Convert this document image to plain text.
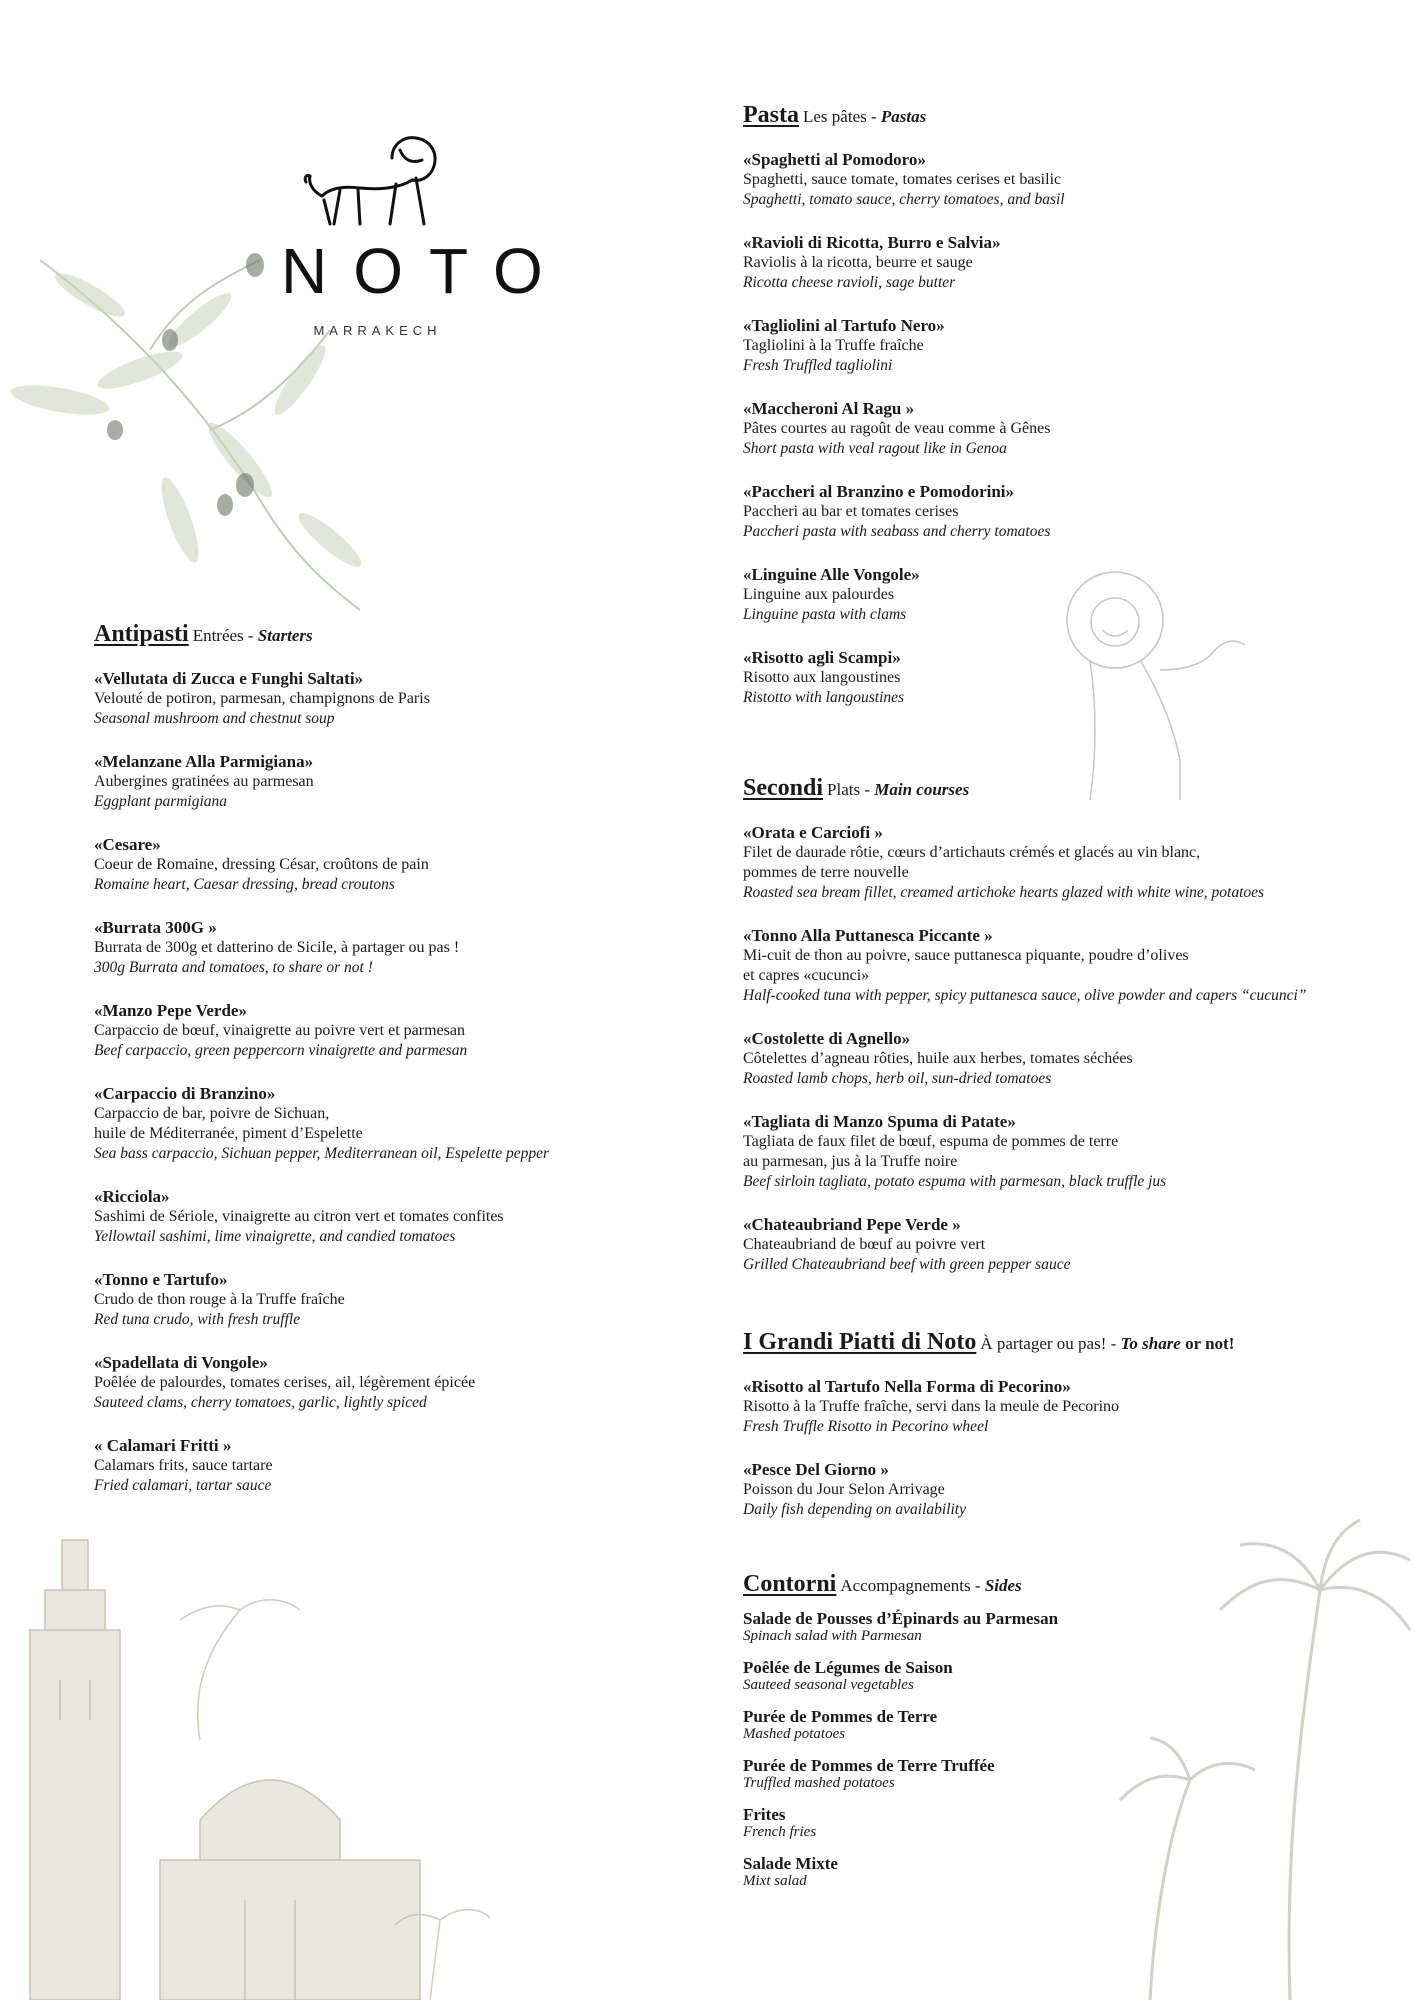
NOTO
MARRAKECH
Antipasti Entrées - Starters
«Vellutata di Zucca e Funghi Saltati»
Velouté de potiron, parmesan, champignons de Paris
Seasonal mushroom and chestnut soup
«Melanzane Alla Parmigiana»
Aubergines gratinées au parmesan
Eggplant parmigiana
«Cesare»
Coeur de Romaine, dressing César, croûtons de pain
Romaine heart, Caesar dressing, bread croutons
«Burrata 300G »
Burrata de 300g et datterino de Sicile, à partager ou pas !
300g Burrata and tomatoes, to share or not !
«Manzo Pepe Verde»
Carpaccio de bœuf, vinaigrette au poivre vert et parmesan
Beef carpaccio, green peppercorn vinaigrette and parmesan
«Carpaccio di Branzino»
Carpaccio de bar, poivre de Sichuan,
huile de Méditerranée, piment d’Espelette
Sea bass carpaccio, Sichuan pepper, Mediterranean oil, Espelette pepper
«Ricciola»
Sashimi de Sériole, vinaigrette au citron vert et tomates confites
Yellowtail sashimi, lime vinaigrette, and candied tomatoes
«Tonno e Tartufo»
Crudo de thon rouge à la Truffe fraîche
Red tuna crudo, with fresh truffle
«Spadellata di Vongole»
Poêlée de palourdes, tomates cerises, ail, légèrement épicée
Sauteed clams, cherry tomatoes, garlic, lightly spiced
« Calamari Fritti »
Calamars frits, sauce tartare
Fried calamari, tartar sauce
Pasta Les pâtes - Pastas
«Spaghetti al Pomodoro»
Spaghetti, sauce tomate, tomates cerises et basilic
Spaghetti, tomato sauce, cherry tomatoes, and basil
«Ravioli di Ricotta, Burro e Salvia»
Raviolis à la ricotta, beurre et sauge
Ricotta cheese ravioli, sage butter
«Tagliolini al Tartufo Nero»
Tagliolini à la Truffe fraîche
Fresh Truffled tagliolini
«Maccheroni Al Ragu »
Pâtes courtes au ragoût de veau comme à Gênes
Short pasta with veal ragout like in Genoa
«Paccheri al Branzino e Pomodorini»
Paccheri au bar et tomates cerises
Paccheri pasta with seabass and cherry tomatoes
«Linguine Alle Vongole»
Linguine aux palourdes
Linguine pasta with clams
«Risotto agli Scampi»
Risotto aux langoustines
Ristotto with langoustines
Secondi Plats - Main courses
«Orata e Carciofi »
Filet de daurade rôtie, cœurs d’artichauts crémés et glacés au vin blanc,
pommes de terre nouvelle
Roasted sea bream fillet, creamed artichoke hearts glazed with white wine, potatoes
«Tonno Alla Puttanesca Piccante »
Mi-cuit de thon au poivre, sauce puttanesca piquante, poudre d’olives
et capres «cucunci»
Half-cooked tuna with pepper, spicy puttanesca sauce, olive powder and capers “cucunci”
«Costolette di Agnello»
Côtelettes d’agneau rôties, huile aux herbes, tomates séchées
Roasted lamb chops, herb oil, sun-dried tomatoes
«Tagliata di Manzo Spuma di Patate»
Tagliata de faux filet de bœuf, espuma de pommes de terre
au parmesan, jus à la Truffe noire
Beef sirloin tagliata, potato espuma with parmesan, black truffle jus
«Chateaubriand Pepe Verde »
Chateaubriand de bœuf au poivre vert
Grilled Chateaubriand beef with green pepper sauce
I Grandi Piatti di Noto À partager ou pas! - To share or not!
«Risotto al Tartufo Nella Forma di Pecorino»
Risotto à la Truffe fraîche, servi dans la meule de Pecorino
Fresh Truffle Risotto in Pecorino wheel
«Pesce Del Giorno »
Poisson du Jour Selon Arrivage
Daily fish depending on availability
Contorni Accompagnements - Sides
Salade de Pousses d’Épinards au Parmesan
Spinach salad with Parmesan
Poêlée de Légumes de Saison
Sauteed seasonal vegetables
Purée de Pommes de Terre
Mashed potatoes
Purée de Pommes de Terre Truffée
Truffled mashed potatoes
Frites
French fries
Salade Mixte
Mixt salad
